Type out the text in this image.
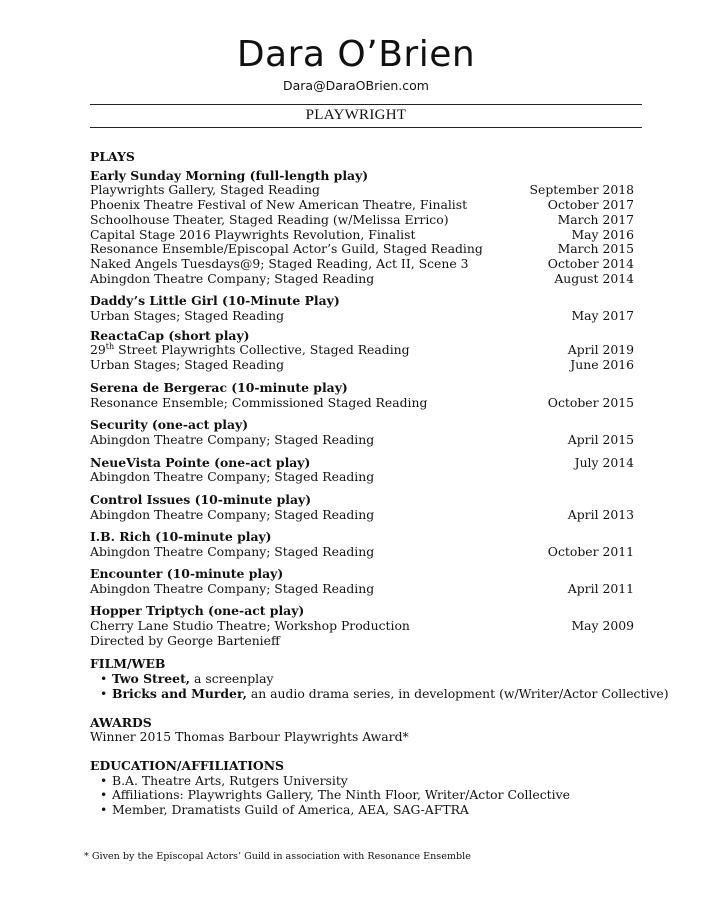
Dara O’Brien
Dara@DaraOBrien.com
PLAYWRIGHT
PLAYS
Early Sunday Morning (full-length play)
Playwrights Gallery, Staged Reading	September 2018
Phoenix Theatre Festival of New American Theatre, Finalist	October 2017
Schoolhouse Theater, Staged Reading (w/Melissa Errico)	March 2017
Capital Stage 2016 Playwrights Revolution, Finalist	May 2016
Resonance Ensemble/Episcopal Actor’s Guild, Staged Reading	March 2015
Naked Angels Tuesdays@9; Staged Reading, Act II, Scene 3	October 2014
Abingdon Theatre Company; Staged Reading	August 2014
Daddy’s Little Girl (10-Minute Play)
Urban Stages; Staged Reading	May 2017
ReactaCap (short play)
29th Street Playwrights Collective, Staged Reading	April 2019
Urban Stages; Staged Reading	June 2016
Serena de Bergerac (10-minute play)
Resonance Ensemble; Commissioned Staged Reading	October 2015
Security (one-act play)
Abingdon Theatre Company; Staged Reading	April 2015
NeueVista Pointe (one-act play)	July 2014
Abingdon Theatre Company; Staged Reading
Control Issues (10-minute play)
Abingdon Theatre Company; Staged Reading	April 2013
I.B. Rich (10-minute play)
Abingdon Theatre Company; Staged Reading	October 2011
Encounter (10-minute play)
Abingdon Theatre Company; Staged Reading	April 2011
Hopper Triptych (one-act play)
Cherry Lane Studio Theatre; Workshop Production	May 2009
Directed by George Bartenieff
FILM/WEB
• Two Street, a screenplay
• Bricks and Murder, an audio drama series, in development (w/Writer/Actor Collective)
AWARDS
Winner 2015 Thomas Barbour Playwrights Award*
EDUCATION/AFFILIATIONS
• B.A. Theatre Arts, Rutgers University
• Affiliations: Playwrights Gallery, The Ninth Floor, Writer/Actor Collective
• Member, Dramatists Guild of America, AEA, SAG-AFTRA
* Given by the Episcopal Actors’ Guild in association with Resonance Ensemble
